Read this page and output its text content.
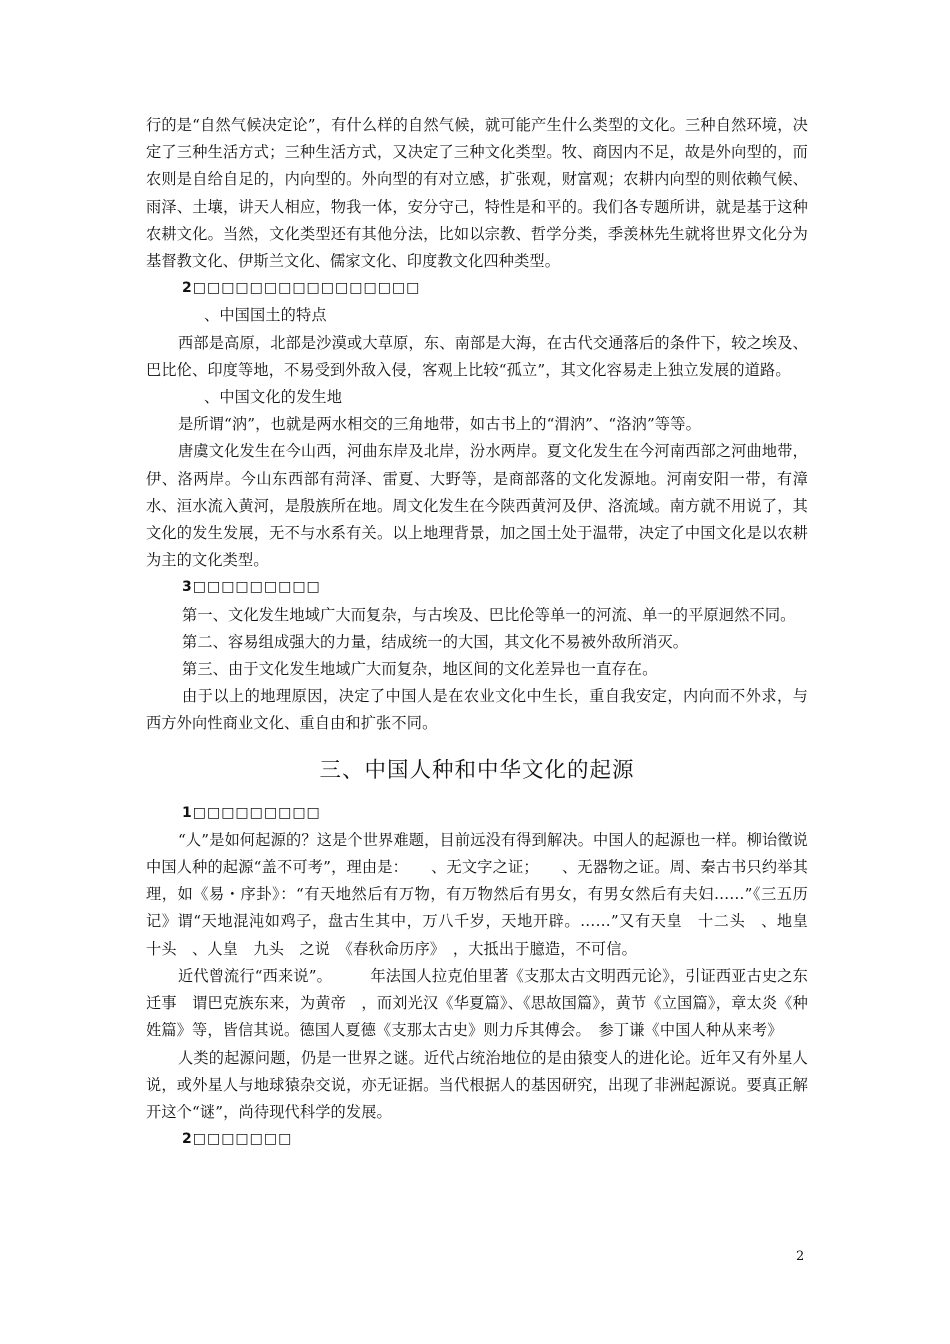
行的是“自然气候决定论”，有什么样的自然气候，就可能产生什么类型的文化。三种自然环境，决定了三种生活方式；三种生活方式，又决定了三种文化类型。牧、商因内不足，故是外向型的，而农则是自给自足的，内向型的。外向型的有对立感，扩张观，财富观；农耕内向型的则依赖气候、雨泽、土壤，讲天人相应，物我一体，安分守己，特性是和平的。我们各专题所讲，就是基于这种农耕文化。当然，文化类型还有其他分法，比如以宗教、哲学分类，季羡林先生就将世界文化分为基督教文化、伊斯兰文化、儒家文化、印度教文化四种类型。

2□□□□□□□□□□□□□□□□

、中国国土的特点

西部是高原，北部是沙漠或大草原，东、南部是大海，在古代交通落后的条件下，较之埃及、巴比伦、印度等地，不易受到外敌入侵，客观上比较“孤立”，其文化容易走上独立发展的道路。

、中国文化的发生地

是所谓“汭”，也就是两水相交的三角地带，如古书上的“渭汭”、“洛汭”等等。

唐虞文化发生在今山西，河曲东岸及北岸，汾水两岸。夏文化发生在今河南西部之河曲地带，伊、洛两岸。今山东西部有菏泽、雷夏、大野等，是商部落的文化发源地。河南安阳一带，有漳水、洹水流入黄河，是殷族所在地。周文化发生在今陕西黄河及伊、洛流域。南方就不用说了，其文化的发生发展，无不与水系有关。以上地理背景，加之国土处于温带，决定了中国文化是以农耕为主的文化类型。

3□□□□□□□□□

第一、文化发生地域广大而复杂，与古埃及、巴比伦等单一的河流、单一的平原迥然不同。

第二、容易组成强大的力量，结成统一的大国，其文化不易被外敌所消灭。

第三、由于文化发生地域广大而复杂，地区间的文化差异也一直存在。

由于以上的地理原因，决定了中国人是在农业文化中生长，重自我安定，内向而不外求，与西方外向性商业文化、重自由和扩张不同。

三、中国人种和中华文化的起源

1□□□□□□□□□

“人”是如何起源的？这是个世界难题，目前远没有得到解决。中国人的起源也一样。柳诒徵说中国人种的起源“盖不可考”，理由是：　　、无文字之证；　　、无器物之证。周、秦古书只约举其理，如《易・序卦》：“有天地然后有万物，有万物然后有男女，有男女然后有夫妇……”《三五历记》谓“天地混沌如鸡子，盘古生其中，万八千岁，天地开辟。……”又有天皇　十二头　、地皇　十头　、人皇　九头　之说　《春秋命历序》　，大抵出于臆造，不可信。

近代曾流行“西来说”。　　　年法国人拉克伯里著《支那太古文明西元论》，引证西亚古史之东迁事　谓巴克族东来，为黄帝　，而刘光汉《华夏篇》、《思故国篇》，黄节《立国篇》，章太炎《种姓篇》等，皆信其说。德国人夏德《支那太古史》则力斥其傅会。　参丁谦《中国人种从来考》

人类的起源问题，仍是一世界之谜。近代占统治地位的是由猿变人的进化论。近年又有外星人说，或外星人与地球猿杂交说，亦无证据。当代根据人的基因研究，出现了非洲起源说。要真正解开这个“谜”，尚待现代科学的发展。

2□□□□□□□

2
